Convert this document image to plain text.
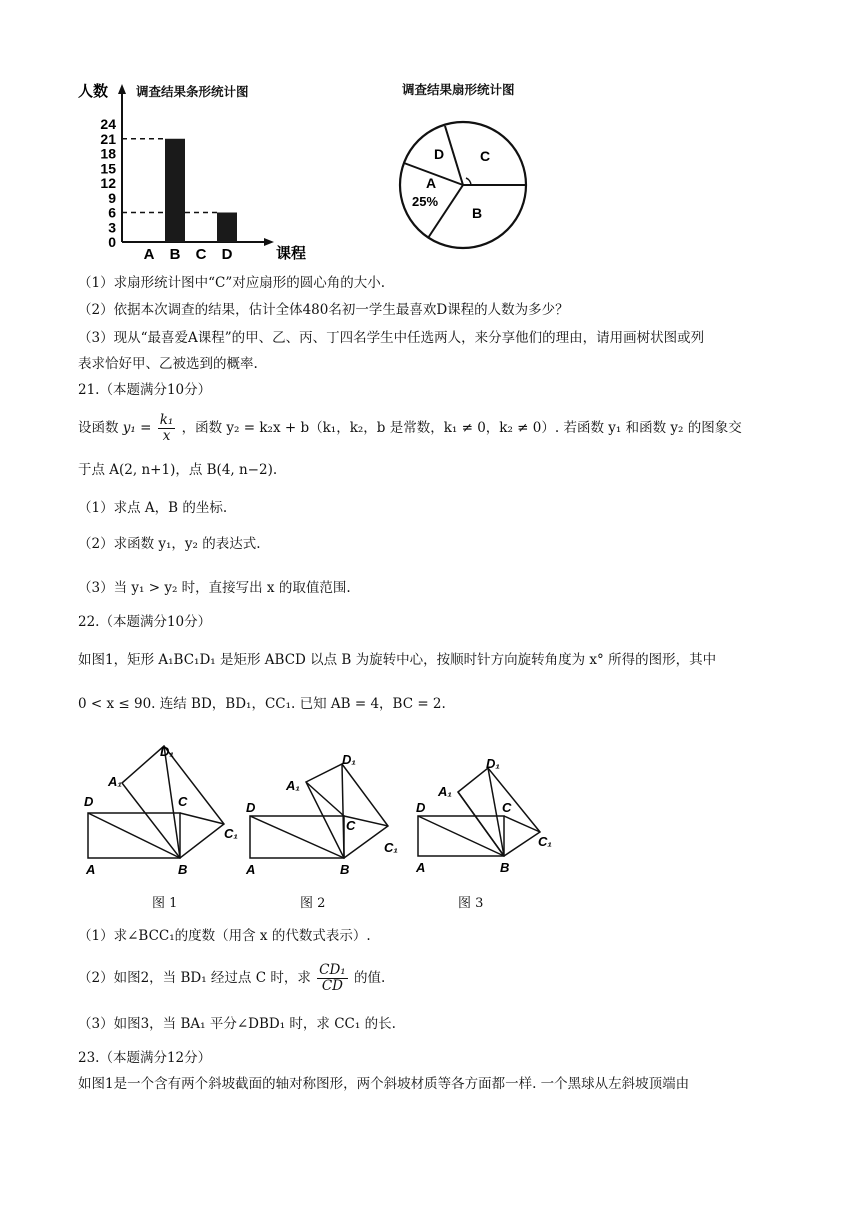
调查结果条形统计图
人数
课程
0
3
6
9
12
15
18
21
24
A B C D
调查结果扇形统计图
D	C
A
25%
B
（1）求扇形统计图中“C”对应扇形的圆心角的大小.
（2）依据本次调查的结果，估计全体480名初一学生最喜欢D课程的人数为多少？
（3）现从“最喜爱A课程”的甲、乙、丙、丁四名学生中任选两人，来分享他们的理由，请用画树状图或列
表求恰好甲、乙被选到的概率.
21.（本题满分10分）
设函数 $y_1 = \frac{\text{k₁}}{x}$ ，函数 y₂ = k₂x + b（k₁，k₂，b 是常数，k₁ ≠ 0，k₂ ≠ 0）. 若函数 y₁ 和函数 y₂ 的图象交
于点 A(2, n+1)，点 B(4, n−2).
（1）求点 A，B 的坐标.
（2）求函数 y₁，y₂ 的表达式.
（3）当 y₁ > y₂ 时，直接写出 x 的取值范围.
22.（本题满分10分）
如图1，矩形 A₁BC₁D₁ 是矩形 ABCD 以点 B 为旋转中心，按顺时针方向旋转角度为 x° 所得的图形，其中
0 < x ≤ 90. 连结 BD，BD₁，CC₁. 已知 AB = 4，BC = 2.
D
A	B
C
A₁
D₁
C₁
图 1
D
A	B
C
A₁
D₁
C₁
图 2
D
A	B
C
A₁
D₁
C₁
图 3
（1）求∠BCC₁的度数（用含 x 的代数式表示）.
（2）如图2，当 BD₁ 经过点 C 时，求 $\frac{\text{CD₁}}{CD}$ 的值.
（3）如图3，当 BA₁ 平分∠DBD₁ 时，求 CC₁ 的长.
23.（本题满分12分）
如图1是一个含有两个斜坡截面的轴对称图形，两个斜坡材质等各方面都一样. 一个黑球从左斜坡顶端由
